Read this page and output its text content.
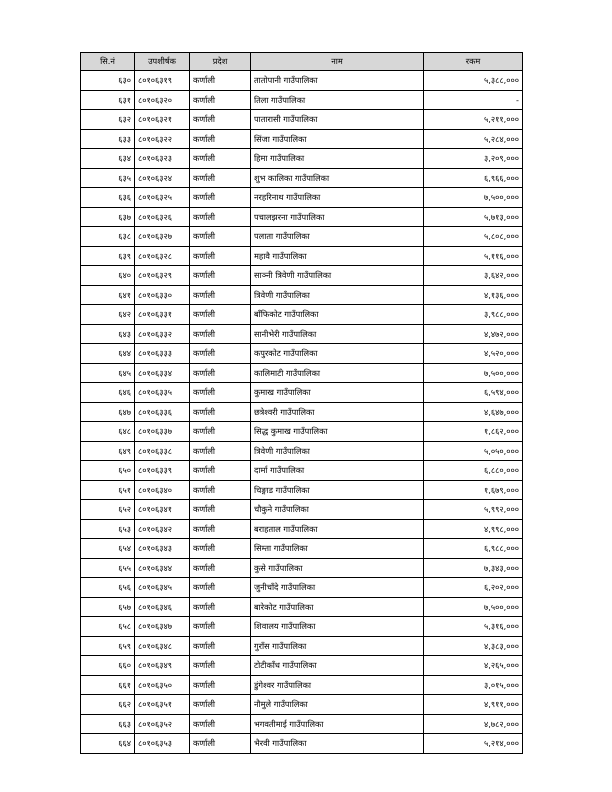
सि.नं	उपशीर्षक	प्रदेश	नाम	रकम
६३०	८०१०६३१९	कर्णाली	तातोपानी गाउँपालिका	५,३८८,०००
६३१	८०१०६३२०	कर्णाली	तिला गाउँपालिका	-
६३२	८०१०६३२१	कर्णाली	पातारासी गाउँपालिका	५,२११,०००
६३३	८०१०६३२२	कर्णाली	सिंजा गाउँपालिका	५,२८४,०००
६३४	८०१०६३२३	कर्णाली	हिमा गाउँपालिका	३,२०९,०००
६३५	८०१०६३२४	कर्णाली	शुभ कालिका गाउँपालिका	६,९६६,०००
६३६	८०१०६३२५	कर्णाली	नरहरिनाथ गाउँपालिका	७,५००,०००
६३७	८०१०६३२६	कर्णाली	पचालझरना गाउँपालिका	५,७१३,०००
६३८	८०१०६३२७	कर्णाली	पलाता गाउँपालिका	५,८०८,०००
६३९	८०१०६३२८	कर्णाली	महावै गाउँपालिका	५,११६,०००
६४०	८०१०६३२९	कर्णाली	साञ्नी त्रिवेणी गाउँपालिका	३,६४२,०००
६४१	८०१०६३३०	कर्णाली	त्रिवेणी गाउँपालिका	४,१३६,०००
६४२	८०१०६३३१	कर्णाली	बाँफिकोट गाउँपालिका	३,९८८,०००
६४३	८०१०६३३२	कर्णाली	सानीभेरी गाउँपालिका	४,४७२,०००
६४४	८०१०६३३३	कर्णाली	कपुरकोट गाउँपालिका	४,५२०,०००
६४५	८०१०६३३४	कर्णाली	कालिमाटी गाउँपालिका	७,५००,०००
६४६	८०१०६३३५	कर्णाली	कुमाख गाउँपालिका	६,५९४,०००
६४७	८०१०६३३६	कर्णाली	छत्रेश्वरी गाउँपालिका	४,६४७,०००
६४८	८०१०६३३७	कर्णाली	सिद्ध कुमाख गाउँपालिका	१,८६२,०००
६४९	८०१०६३३८	कर्णाली	त्रिवेणी गाउँपालिका	५,०५०,०००
६५०	८०१०६३३९	कर्णाली	दार्मा गाउँपालिका	६,८८०,०००
६५१	८०१०६३४०	कर्णाली	चिङ्गाड गाउँपालिका	१,६७९,०००
६५२	८०१०६३४१	कर्णाली	चौकुने गाउँपालिका	५,९९२,०००
६५३	८०१०६३४२	कर्णाली	बराहताल गाउँपालिका	४,९९८,०००
६५४	८०१०६३४३	कर्णाली	सिम्ता गाउँपालिका	६,९८८,०००
६५५	८०१०६३४४	कर्णाली	कुसे गाउँपालिका	७,३४३,०००
६५६	८०१०६३४५	कर्णाली	जुनीचाँदे गाउँपालिका	६,२०२,०००
६५७	८०१०६३४६	कर्णाली	बारेकोट गाउँपालिका	७,५००,०००
६५८	८०१०६३४७	कर्णाली	शिवालय गाउँपालिका	५,३१६,०००
६५९	८०१०६३४८	कर्णाली	गुराँस गाउँपालिका	४,३८३,०००
६६०	८०१०६३४९	कर्णाली	टोटीकाँध गाउँपालिका	४,२६५,०००
६६१	८०१०६३५०	कर्णाली	डुंगेश्वर गाउँपालिका	३,०१५,०००
६६२	८०१०६३५१	कर्णाली	नौमुले गाउँपालिका	४,९११,०००
६६३	८०१०६३५२	कर्णाली	भगवतीमाई गाउँपालिका	४,७८२,०००
६६४	८०१०६३५३	कर्णाली	भैरवी गाउँपालिका	५,२१४,०००
